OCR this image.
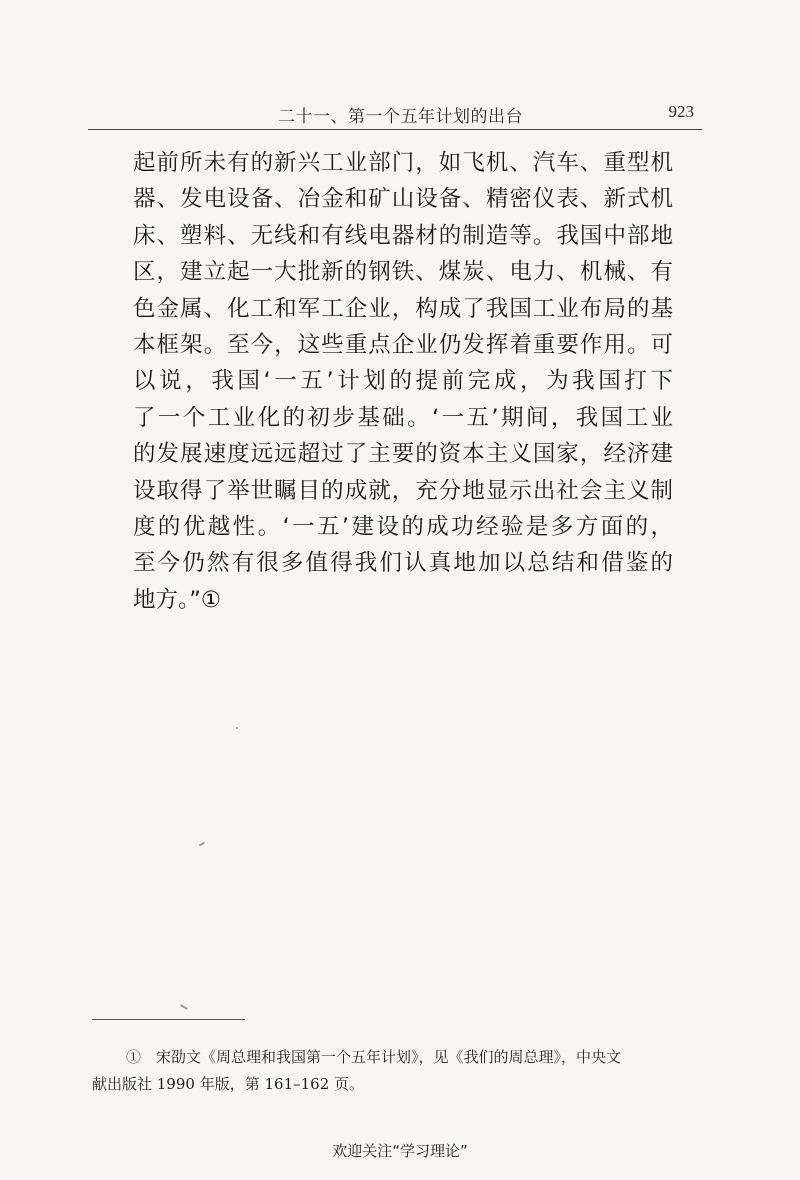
二十一、第一个五年计划的出台	923
起前所未有的新兴工业部门，如飞机、汽车、重型机
器、发电设备、冶金和矿山设备、精密仪表、新式机
床、塑料、无线和有线电器材的制造等。我国中部地
区，建立起一大批新的钢铁、煤炭、电力、机械、有
色金属、化工和军工企业，构成了我国工业布局的基
本框架。至今，这些重点企业仍发挥着重要作用。可
以说，我国‘一五’计划的提前完成，为我国打下
了一个工业化的初步基础。‘一五’期间，我国工业
的发展速度远远超过了主要的资本主义国家，经济建
设取得了举世瞩目的成就，充分地显示出社会主义制
度的优越性。‘一五’建设的成功经验是多方面的，
至今仍然有很多值得我们认真地加以总结和借鉴的
地方。”①
①　宋劭文《周总理和我国第一个五年计划》，见《我们的周总理》，中央文
献出版社 1990 年版，第 161–162 页。
欢迎关注“学习理论”
